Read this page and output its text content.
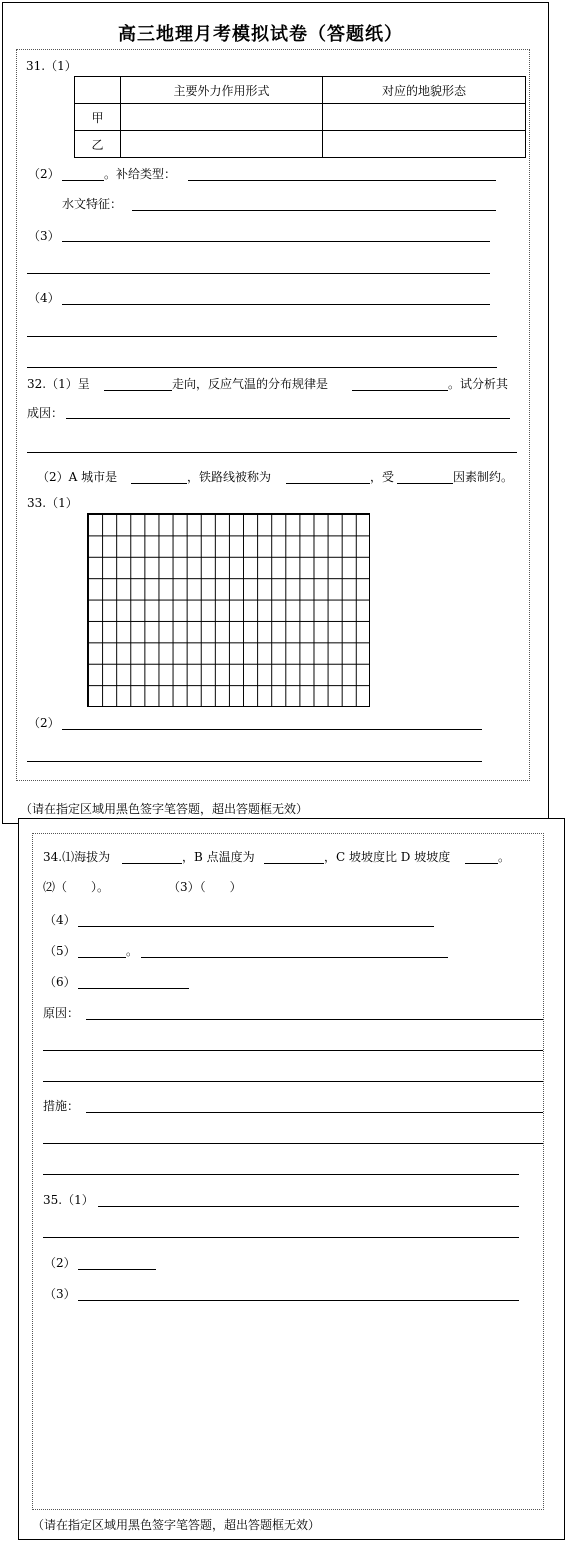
高三地理月考模拟试卷（答题纸）
31.（1）
	主要外力作用形式	对应的地貌形态
甲		
乙		
（2）	。补给类型：
水文特征：
（3）
（4）
32.（1）呈	走向，反应气温的分布规律是	。试分析其
成因：
（2）A 城市是	，铁路线被称为	，受	因素制约。
33.（1）
（2）
（请在指定区域用黑色签字笔答题，超出答题框无效）
34.⑴海拔为	，B 点温度为	，C 坡坡度比 D 坡坡度	。
⑵（　　）。	（3）（　　）
（4）
（5）	。
（6）
原因：
措施：
35.（1）
（2）
（3）
（请在指定区域用黑色签字笔答题，超出答题框无效）
